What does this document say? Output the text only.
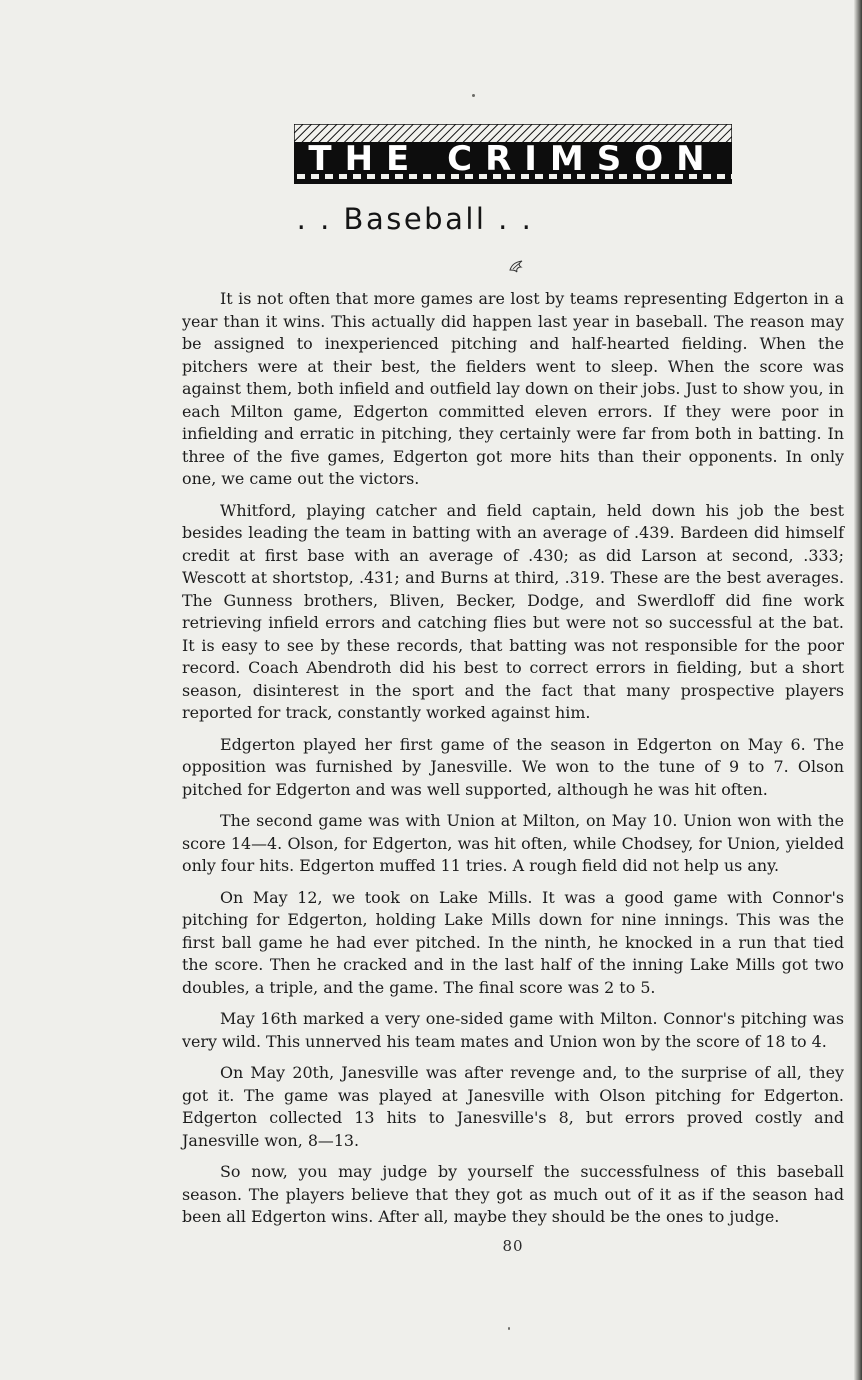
THE CRIMSON
. . Baseball . .

It is not often that more games are lost by teams representing Edgerton in a year than it wins. This actually did happen last year in baseball. The reason may be assigned to inexperienced pitching and half-hearted fielding. When the pitchers were at their best, the fielders went to sleep. When the score was against them, both infield and outfield lay down on their jobs. Just to show you, in each Milton game, Edgerton committed eleven errors. If they were poor in infielding and erratic in pitching, they certainly were far from both in batting. In three of the five games, Edgerton got more hits than their opponents. In only one, we came out the victors.

Whitford, playing catcher and field captain, held down his job the best besides leading the team in batting with an average of .439. Bardeen did himself credit at first base with an average of .430; as did Larson at second, .333; Wescott at shortstop, .431; and Burns at third, .319. These are the best averages. The Gunness brothers, Bliven, Becker, Dodge, and Swerdloff did fine work retrieving infield errors and catching flies but were not so successful at the bat. It is easy to see by these records, that batting was not responsible for the poor record. Coach Abendroth did his best to correct errors in fielding, but a short season, disinterest in the sport and the fact that many prospective players reported for track, constantly worked against him.

Edgerton played her first game of the season in Edgerton on May 6. The opposition was furnished by Janesville. We won to the tune of 9 to 7. Olson pitched for Edgerton and was well supported, although he was hit often.

The second game was with Union at Milton, on May 10. Union won with the score 14—4. Olson, for Edgerton, was hit often, while Chodsey, for Union, yielded only four hits. Edgerton muffed 11 tries. A rough field did not help us any.

On May 12, we took on Lake Mills. It was a good game with Connor's pitching for Edgerton, holding Lake Mills down for nine innings. This was the first ball game he had ever pitched. In the ninth, he knocked in a run that tied the score. Then he cracked and in the last half of the inning Lake Mills got two doubles, a triple, and the game. The final score was 2 to 5.

May 16th marked a very one-sided game with Milton. Connor's pitching was very wild. This unnerved his team mates and Union won by the score of 18 to 4.

On May 20th, Janesville was after revenge and, to the surprise of all, they got it. The game was played at Janesville with Olson pitching for Edgerton. Edgerton collected 13 hits to Janesville's 8, but errors proved costly and Janesville won, 8—13.

So now, you may judge by yourself the successfulness of this baseball season. The players believe that they got as much out of it as if the season had been all Edgerton wins. After all, maybe they should be the ones to judge.

80
